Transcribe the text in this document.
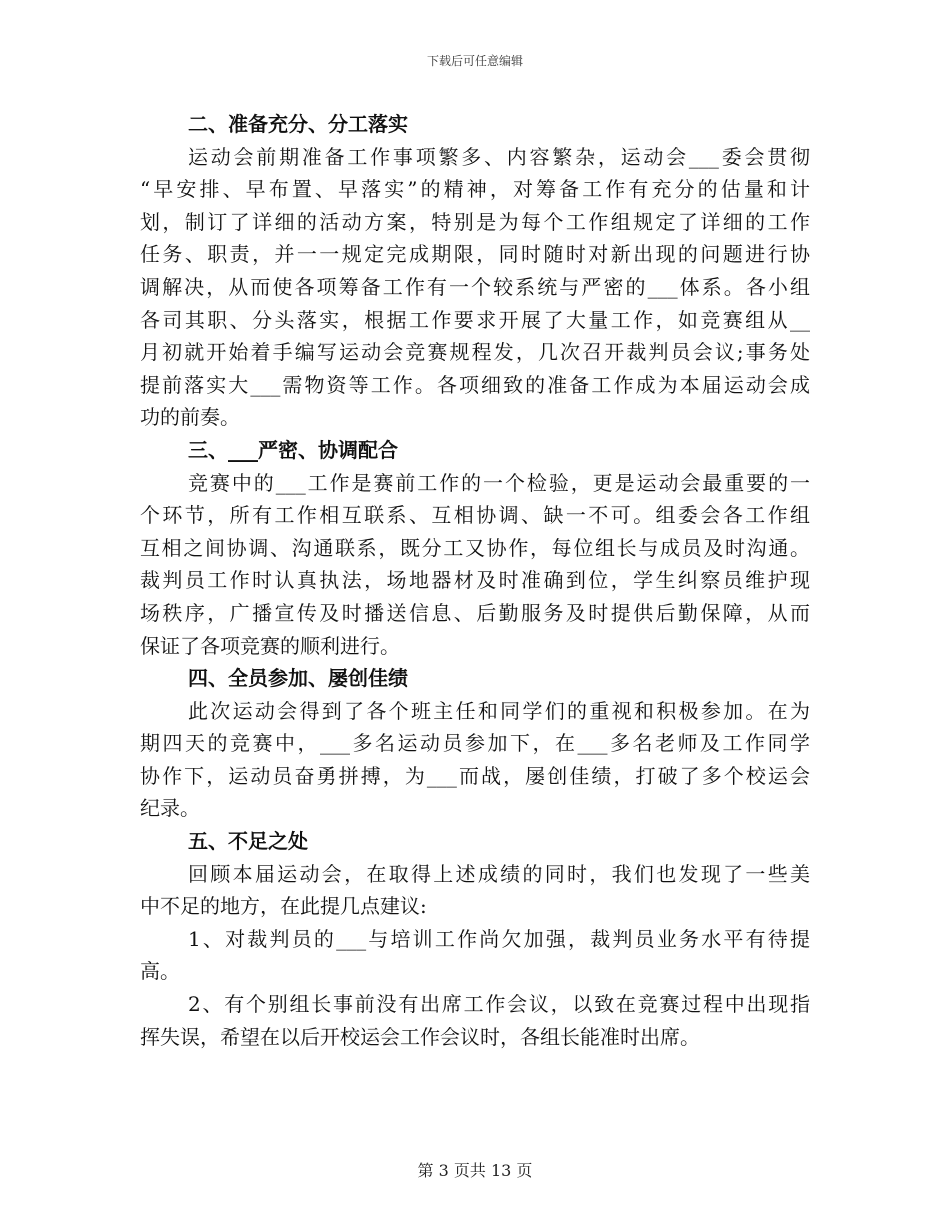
下载后可任意编辑
二、准备充分、分工落实
运动会前期准备工作事项繁多、内容繁杂，运动会___委会贯彻
“早安排、早布置、早落实”的精神，对筹备工作有充分的估量和计
划，制订了详细的活动方案，特别是为每个工作组规定了详细的工作
任务、职责，并一一规定完成期限，同时随时对新出现的问题进行协
调解决，从而使各项筹备工作有一个较系统与严密的___体系。各小组
各司其职、分头落实，根据工作要求开展了大量工作，如竞赛组从__
月初就开始着手编写运动会竞赛规程发，几次召开裁判员会议;事务处
提前落实大___需物资等工作。各项细致的准备工作成为本届运动会成
功的前奏。
三、___严密、协调配合
竞赛中的___工作是赛前工作的一个检验，更是运动会最重要的一
个环节，所有工作相互联系、互相协调、缺一不可。组委会各工作组
互相之间协调、沟通联系，既分工又协作，每位组长与成员及时沟通。
裁判员工作时认真执法，场地器材及时准确到位，学生纠察员维护现
场秩序，广播宣传及时播送信息、后勤服务及时提供后勤保障，从而
保证了各项竞赛的顺利进行。
四、全员参加、屡创佳绩
此次运动会得到了各个班主任和同学们的重视和积极参加。在为
期四天的竞赛中，___多名运动员参加下，在___多名老师及工作同学
协作下，运动员奋勇拼搏，为___而战，屡创佳绩，打破了多个校运会
纪录。
五、不足之处
回顾本届运动会，在取得上述成绩的同时，我们也发现了一些美
中不足的地方，在此提几点建议:
1、对裁判员的___与培训工作尚欠加强，裁判员业务水平有待提
高。
2、有个别组长事前没有出席工作会议，以致在竞赛过程中出现指
挥失误，希望在以后开校运会工作会议时，各组长能准时出席。
第 3 页共 13 页
